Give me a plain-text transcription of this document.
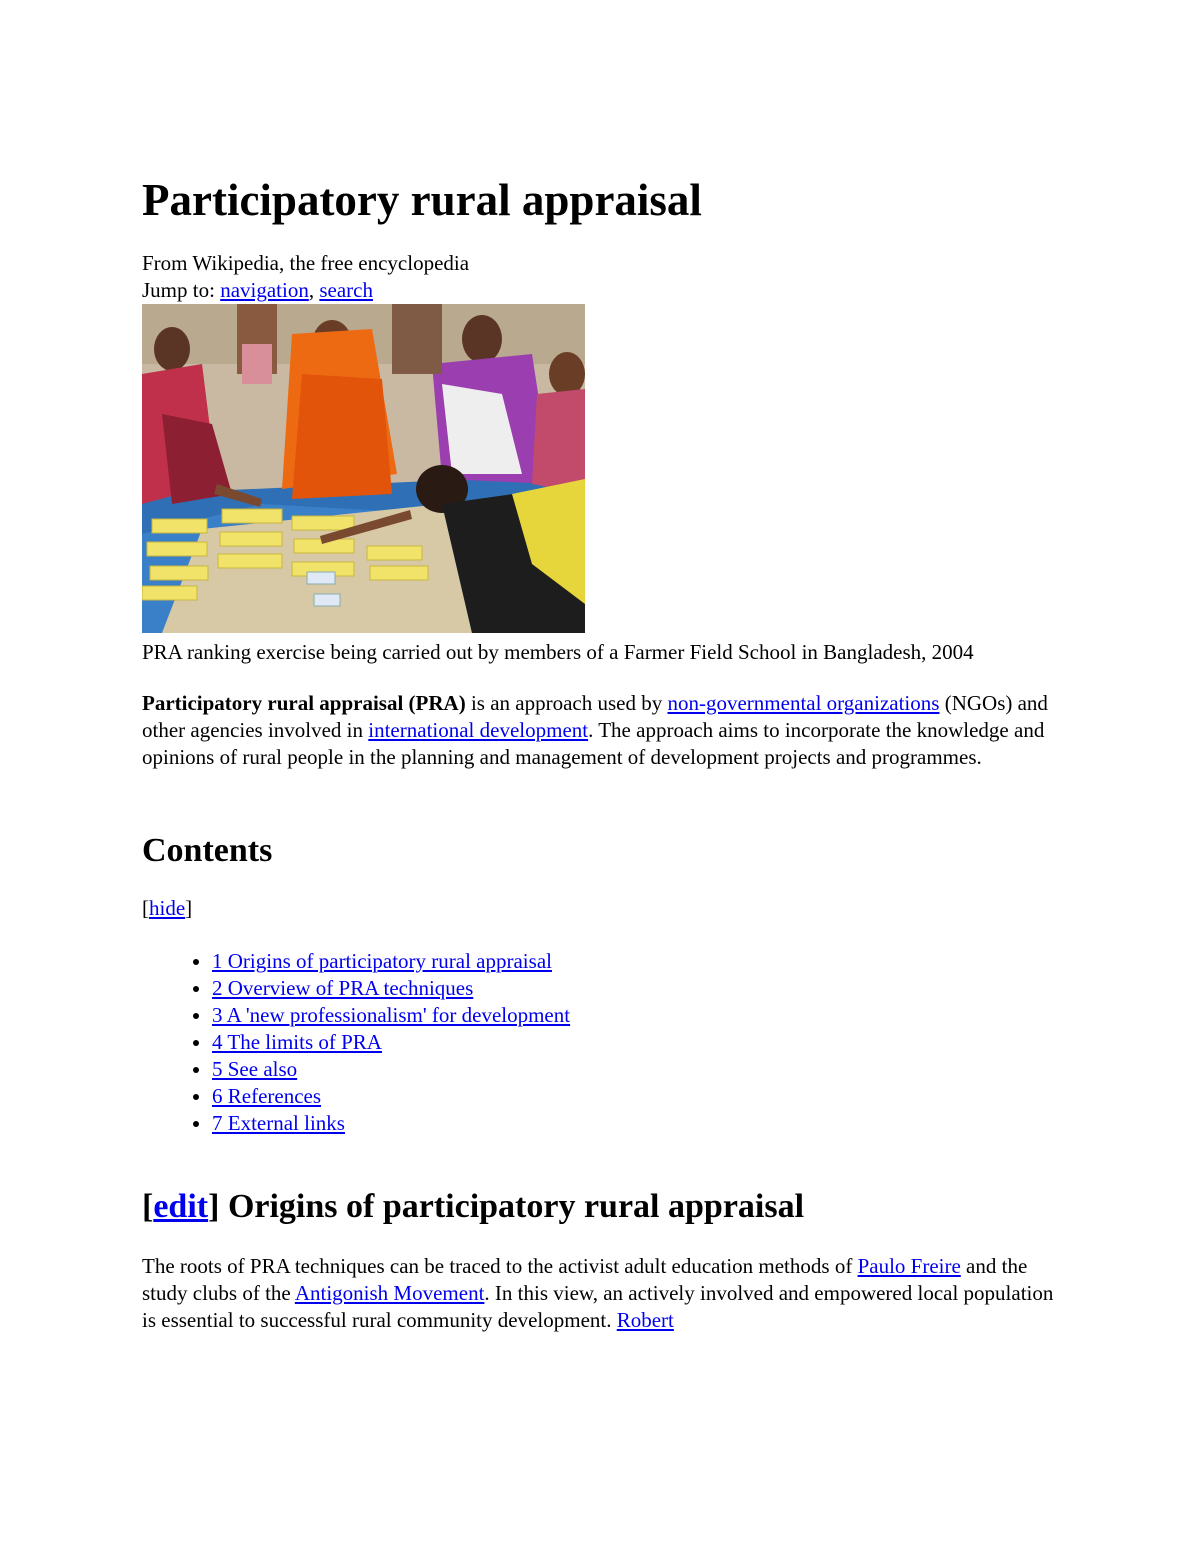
Participatory rural appraisal
From Wikipedia, the free encyclopedia
Jump to: navigation, search
PRA ranking exercise being carried out by members of a Farmer Field School in Bangladesh, 2004
Participatory rural appraisal (PRA) is an approach used by non-governmental organizations (NGOs) and other agencies involved in international development. The approach aims to incorporate the knowledge and opinions of rural people in the planning and management of development projects and programmes.
Contents
[hide]
• 1 Origins of participatory rural appraisal
• 2 Overview of PRA techniques
• 3 A 'new professionalism' for development
• 4 The limits of PRA
• 5 See also
• 6 References
• 7 External links
[edit] Origins of participatory rural appraisal
The roots of PRA techniques can be traced to the activist adult education methods of Paulo Freire and the study clubs of the Antigonish Movement. In this view, an actively involved and empowered local population is essential to successful rural community development. Robert
